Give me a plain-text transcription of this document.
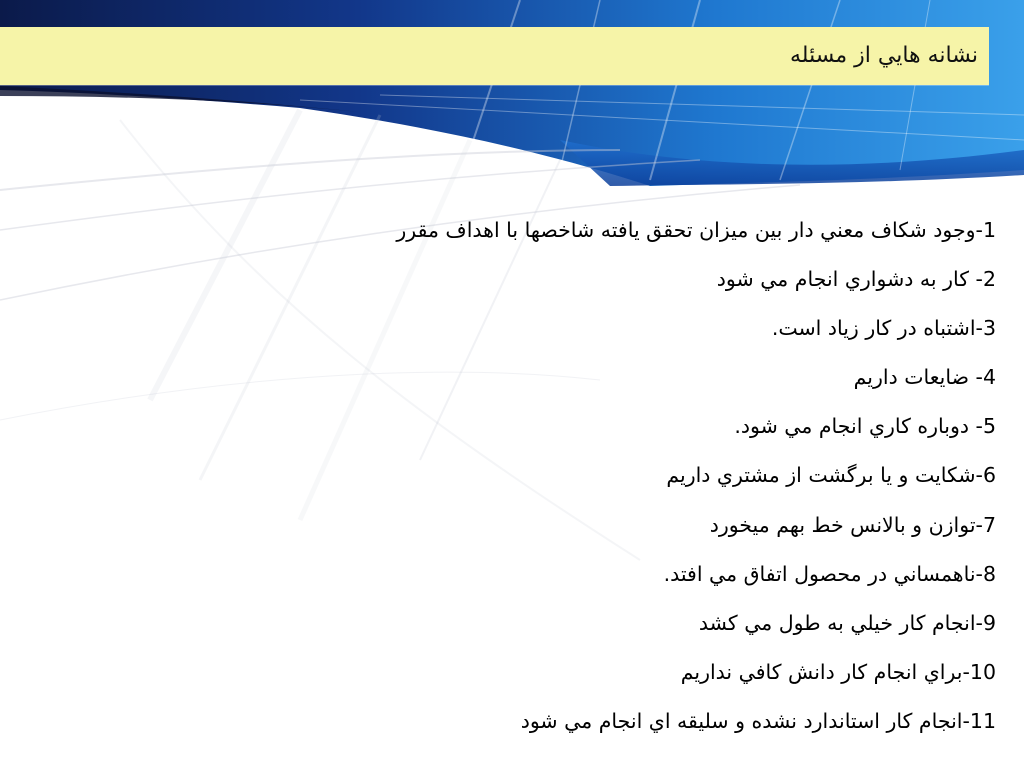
نشانه هايي از مسئله
1-وجود شكاف معني دار بين ميزان تحقق يافته شاخصها با اهداف مقرر
2- كار به دشواري انجام مي شود
3-اشتباه در كار زياد است.
4- ضايعات داريم
5- دوباره كاري انجام مي شود.
6-شكايت و يا برگشت از مشتري داريم
7-توازن و بالانس خط بهم ميخورد
8-ناهمساني در محصول اتفاق مي افتد.
9-انجام كار خيلي به طول مي كشد
10-براي انجام كار دانش كافي نداريم
11-انجام كار استاندارد نشده و سليقه اي انجام مي شود
